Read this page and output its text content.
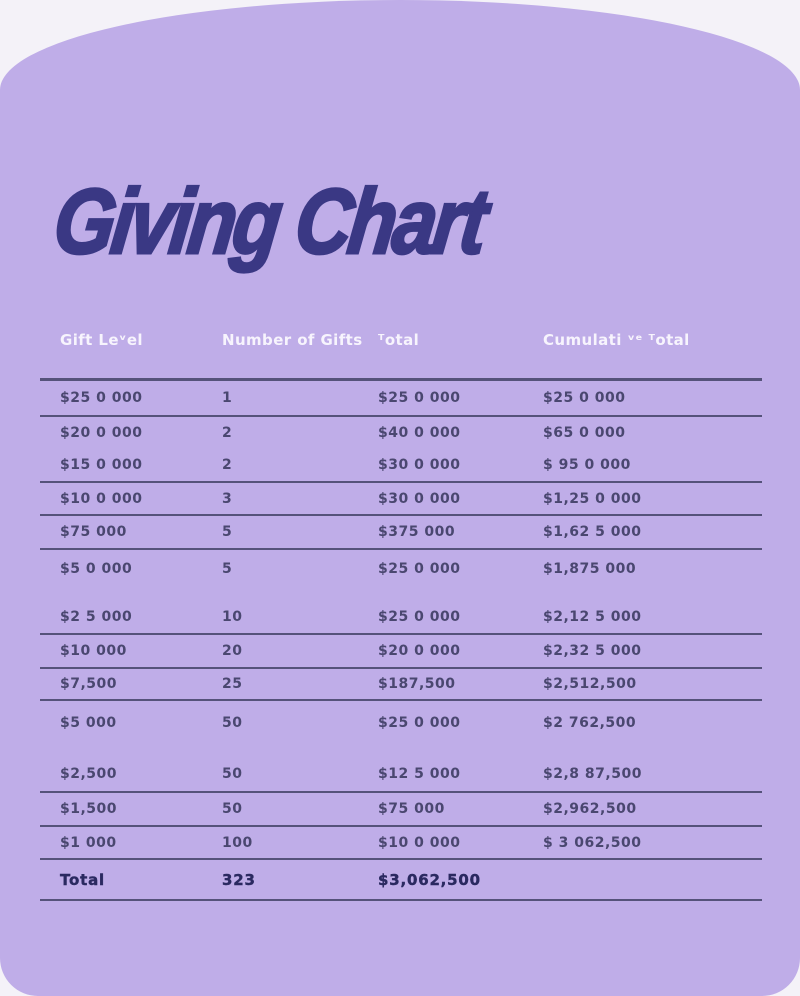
Giving Chart
Gift Leᵛel	Number of Gifts	ᵀotal	Cumulati ᵛᵉ ᵀotal
$25 0 000	1	$25 0 000	$25 0 000
$20 0 000	2	$40 0 000	$65 0 000
$15 0 000	2	$30 0 000	$ 95 0 000
$10 0 000	3	$30 0 000	$1,25 0 000
$75 000	5	$375 000	$1,62 5 000
$5 0 000	5	$25 0 000	$1,875 000
$2 5 000	10	$25 0 000	$2,12 5 000
$10 000	20	$20 0 000	$2,32 5 000
$7,500	25	$187,500	$2,512,500
$5 000	50	$25 0 000	$2 762,500
$2,500	50	$12 5 000	$2,8 87,500
$1,500	50	$75 000	$2,962,500
$1 000	100	$10 0 000	$ 3 062,500
Total	323	$3,062,500
